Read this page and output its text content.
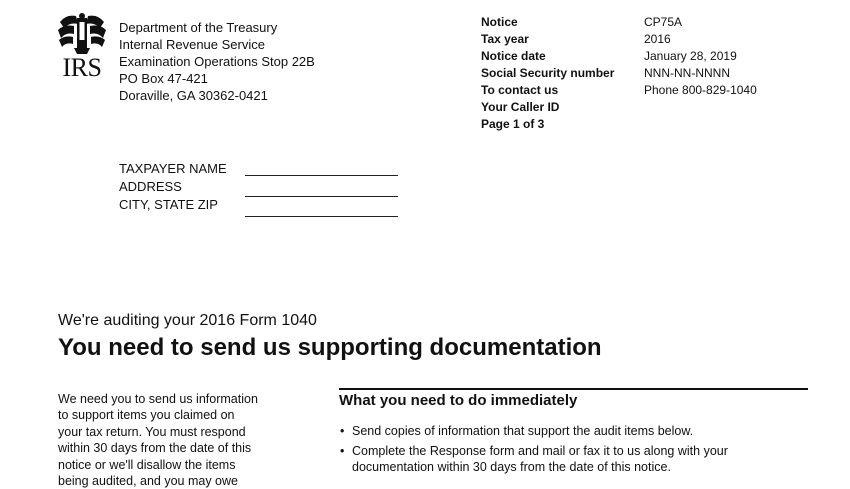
IRS
Department of the Treasury
Internal Revenue Service
Examination Operations Stop 22B
PO Box 47-421
Doraville, GA 30362-0421
Notice
Tax year
Notice date
Social Security number
To contact us
Your Caller ID
Page 1 of 3
CP75A
2016
January 28, 2019
NNN-NN-NNNN
Phone 800-829-1040
TAXPAYER NAME
ADDRESS
CITY, STATE ZIP
We're auditing your 2016 Form 1040
You need to send us supporting documentation
We need you to send us information
to support items you claimed on
your tax return. You must respond
within 30 days from the date of this
notice or we'll disallow the items
being audited, and you may owe
What you need to do immediately
• Send copies of information that support the audit items below.
• Complete the Response form and mail or fax it to us along with your
documentation within 30 days from the date of this notice.
